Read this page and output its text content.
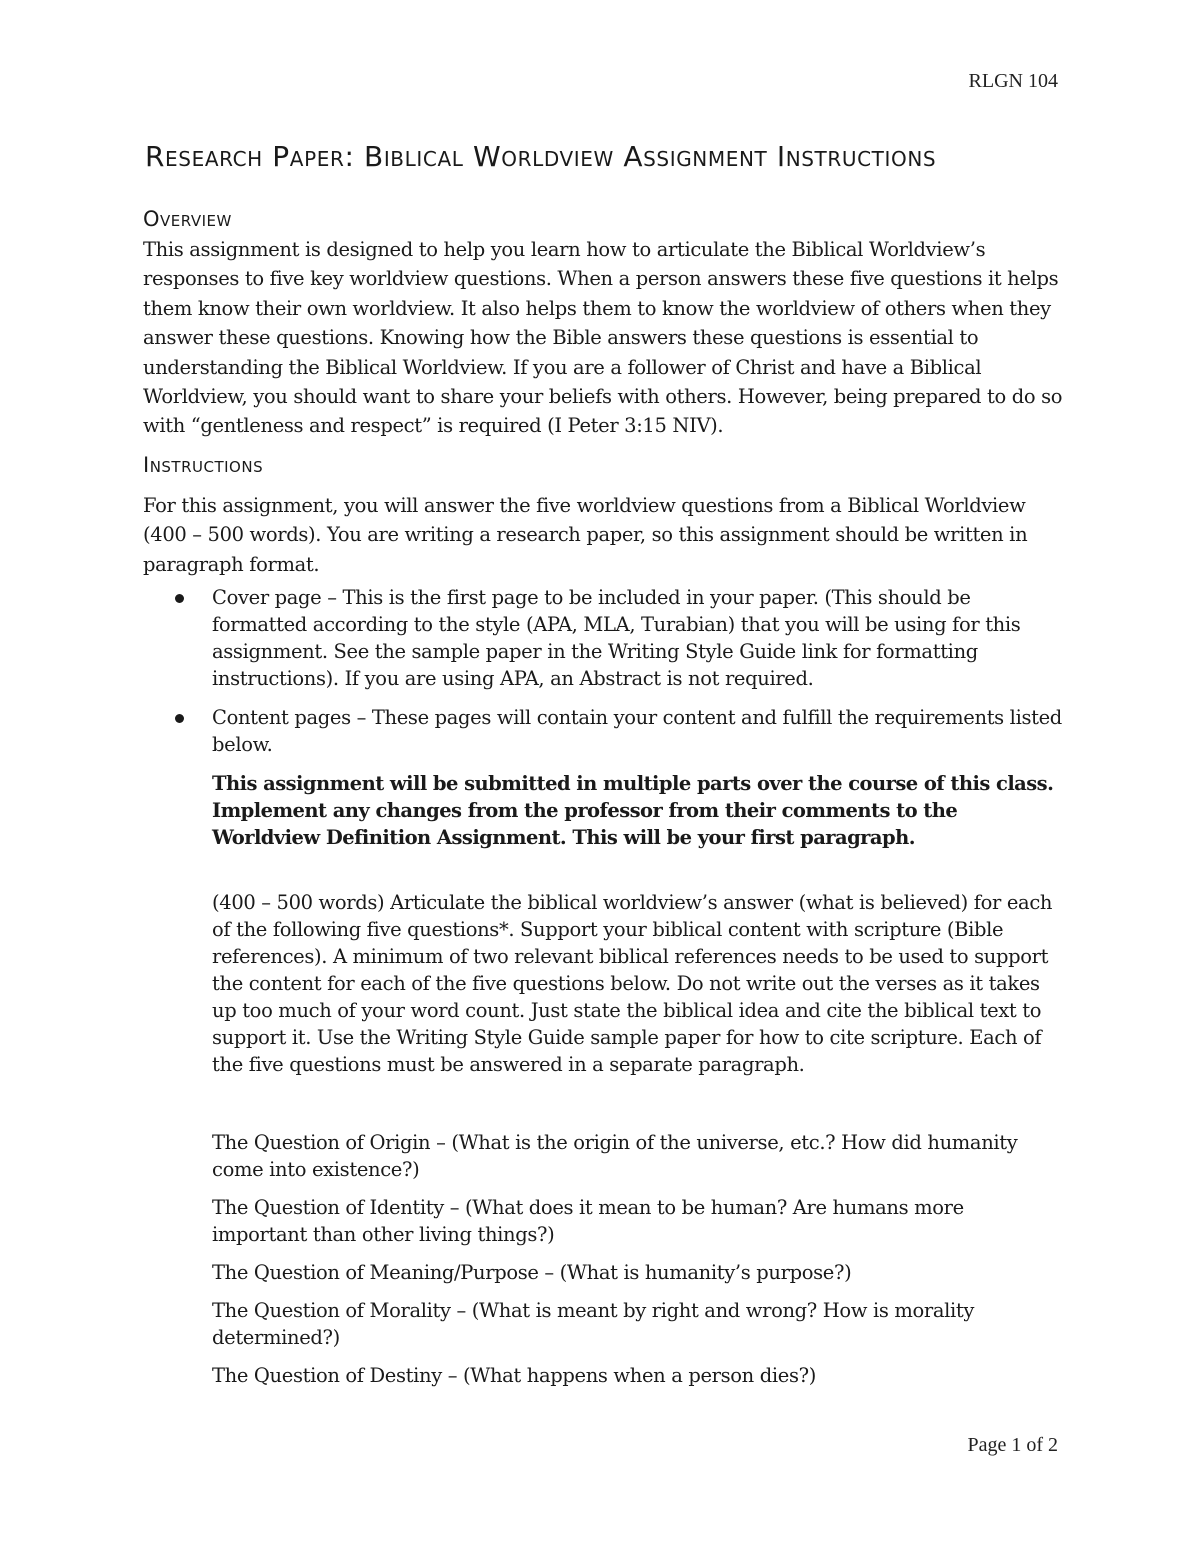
RLGN 104
Research Paper: Biblical Worldview Assignment Instructions
Overview

This assignment is designed to help you learn how to articulate the Biblical Worldview’s responses to five key worldview questions. When a person answers these five questions it helps them know their own worldview. It also helps them to know the worldview of others when they answer these questions. Knowing how the Bible answers these questions is essential to understanding the Biblical Worldview. If you are a follower of Christ and have a Biblical Worldview, you should want to share your beliefs with others. However, being prepared to do so with “gentleness and respect” is required (I Peter 3:15 NIV).

Instructions

For this assignment, you will answer the five worldview questions from a Biblical Worldview (400 – 500 words). You are writing a research paper, so this assignment should be written in paragraph format.

Cover page – This is the first page to be included in your paper. (This should be formatted according to the style (APA, MLA, Turabian) that you will be using for this assignment. See the sample paper in the Writing Style Guide link for formatting instructions). If you are using APA, an Abstract is not required.
Content pages – These pages will contain your content and fulfill the requirements listed below.

This assignment will be submitted in multiple parts over the course of this class. Implement any changes from the professor from their comments to the Worldview Definition Assignment. This will be your first paragraph.

(400 – 500 words) Articulate the biblical worldview’s answer (what is believed) for each of the following five questions*. Support your biblical content with scripture (Bible references). A minimum of two relevant biblical references needs to be used to support the content for each of the five questions below. Do not write out the verses as it takes up too much of your word count. Just state the biblical idea and cite the biblical text to support it. Use the Writing Style Guide sample paper for how to cite scripture. Each of the five questions must be answered in a separate paragraph.

The Question of Origin – (What is the origin of the universe, etc.? How did humanity come into existence?)
The Question of Identity – (What does it mean to be human? Are humans more important than other living things?)
The Question of Meaning/Purpose – (What is humanity’s purpose?)
The Question of Morality – (What is meant by right and wrong? How is morality determined?)
The Question of Destiny – (What happens when a person dies?)
Page 1 of 2
